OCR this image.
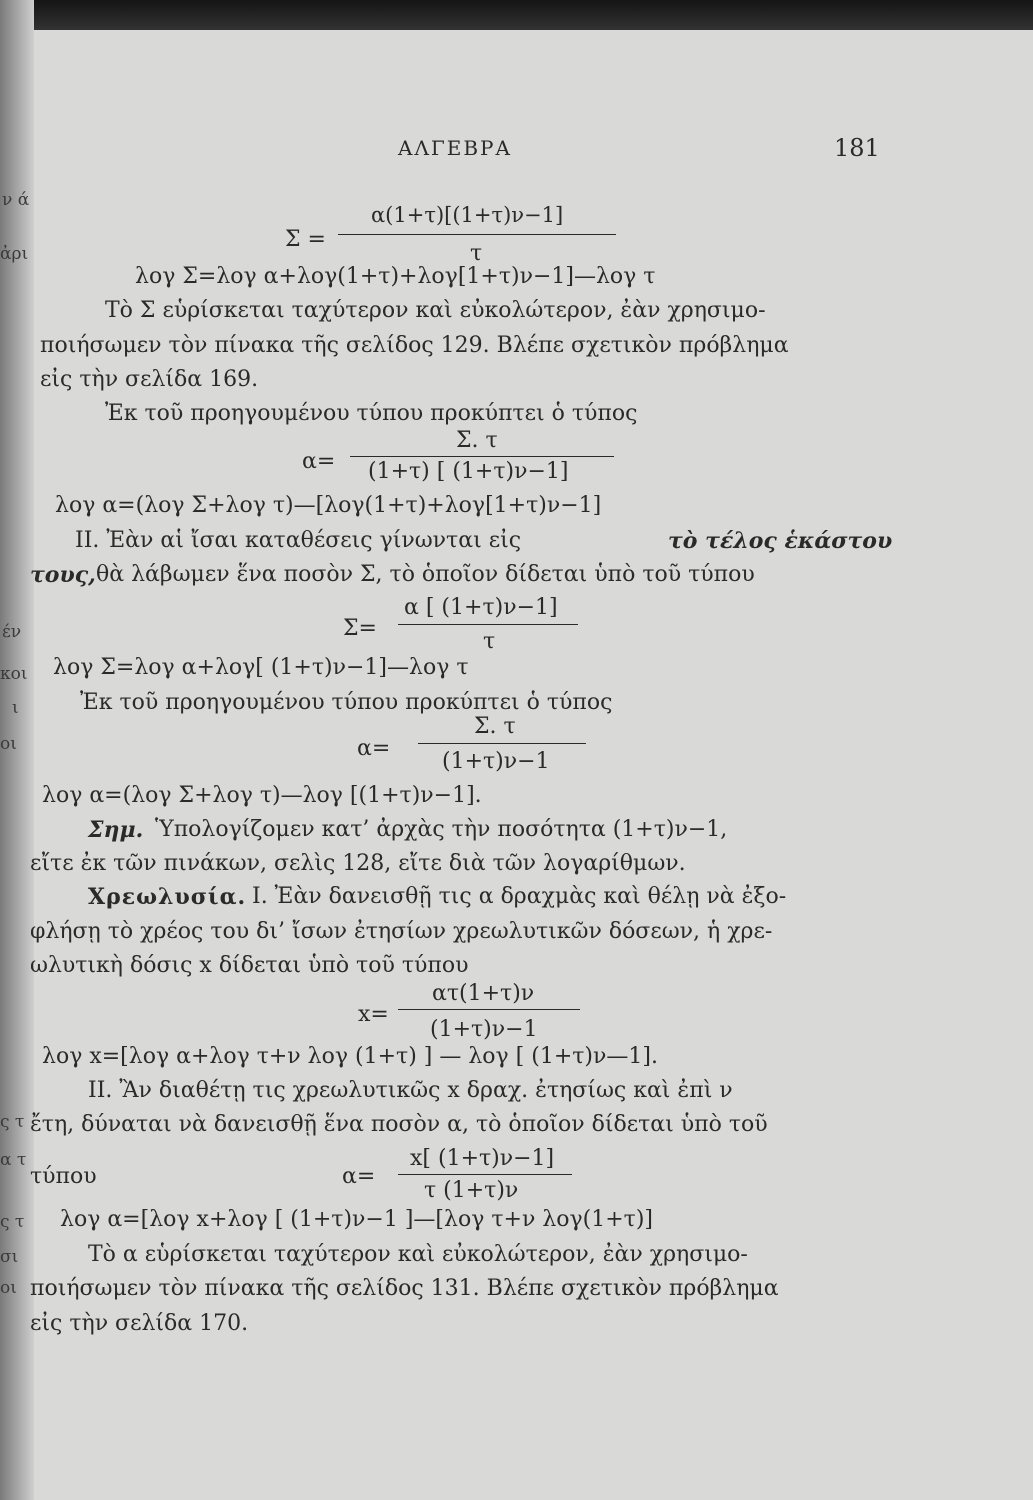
ν ά
ἀρι
έν
κοι
ι
οι
ς τ
α τ
ς τ
σι
οι
ΑΛΓΕΒΡΑ	181
Σ =
α(1+τ)[(1+τ)ν−1]
τ
λογ Σ=λογ α+λογ(1+τ)+λογ[1+τ)ν−1]—λογ τ
Τὸ Σ εὑρίσκεται ταχύτερον καὶ εὐκολώτερον, ἐὰν χρησιμο-
ποιήσωμεν τὸν πίνακα τῆς σελίδος 129. Βλέπε σχετικὸν πρόβλημα
εἰς τὴν σελίδα 169.
Ἐκ τοῦ προηγουμένου τύπου προκύπτει ὁ τύπος
α=
Σ. τ
(1+τ) [ (1+τ)ν−1]
λογ α=(λογ Σ+λογ τ)—[λογ(1+τ)+λογ[1+τ)ν−1]
ΙΙ. Ἐὰν αἱ ἴσαι καταθέσεις γίνωνται εἰς	τὸ τέλος ἑκάστου
τους, θὰ λάβωμεν ἕνα ποσὸν Σ, τὸ ὁποῖον δίδεται ὑπὸ τοῦ τύπου
Σ=
α [ (1+τ)ν−1]
τ
λογ Σ=λογ α+λογ[ (1+τ)ν−1]—λογ τ
Ἐκ τοῦ προηγουμένου τύπου προκύπτει ὁ τύπος
α=
Σ. τ
(1+τ)ν−1
λογ α=(λογ Σ+λογ τ)—λογ [(1+τ)ν−1].
Σημ. Ὑπολογίζομεν κατ’ ἀρχὰς τὴν ποσότητα (1+τ)ν−1,
εἴτε ἐκ τῶν πινάκων, σελὶς 128, εἴτε διὰ τῶν λογαρίθμων.
Χρεωλυσία. Ι. Ἐὰν δανεισθῇ τις α δραχμὰς καὶ θέλῃ νὰ ἐξο-
φλήσῃ τὸ χρέος του δι’ ἴσων ἐτησίων χρεωλυτικῶν δόσεων, ἡ χρε-
ωλυτικὴ δόσις x δίδεται ὑπὸ τοῦ τύπου
x=
ατ(1+τ)ν
(1+τ)ν−1
λογ x=[λογ α+λογ τ+ν λογ (1+τ) ] — λογ [ (1+τ)ν—1].
ΙΙ. Ἂν διαθέτῃ τις χρεωλυτικῶς x δραχ. ἐτησίως καὶ ἐπὶ ν
ἔτη, δύναται νὰ δανεισθῇ ἕνα ποσὸν α, τὸ ὁποῖον δίδεται ὑπὸ τοῦ
τύπου	α=
x[ (1+τ)ν−1]
τ (1+τ)ν
λογ α=[λογ x+λογ [ (1+τ)ν−1 ]—[λογ τ+ν λογ(1+τ)]
Τὸ α εὑρίσκεται ταχύτερον καὶ εὐκολώτερον, ἐὰν χρησιμο-
ποιήσωμεν τὸν πίνακα τῆς σελίδος 131. Βλέπε σχετικὸν πρόβλημα
εἰς τὴν σελίδα 170.
